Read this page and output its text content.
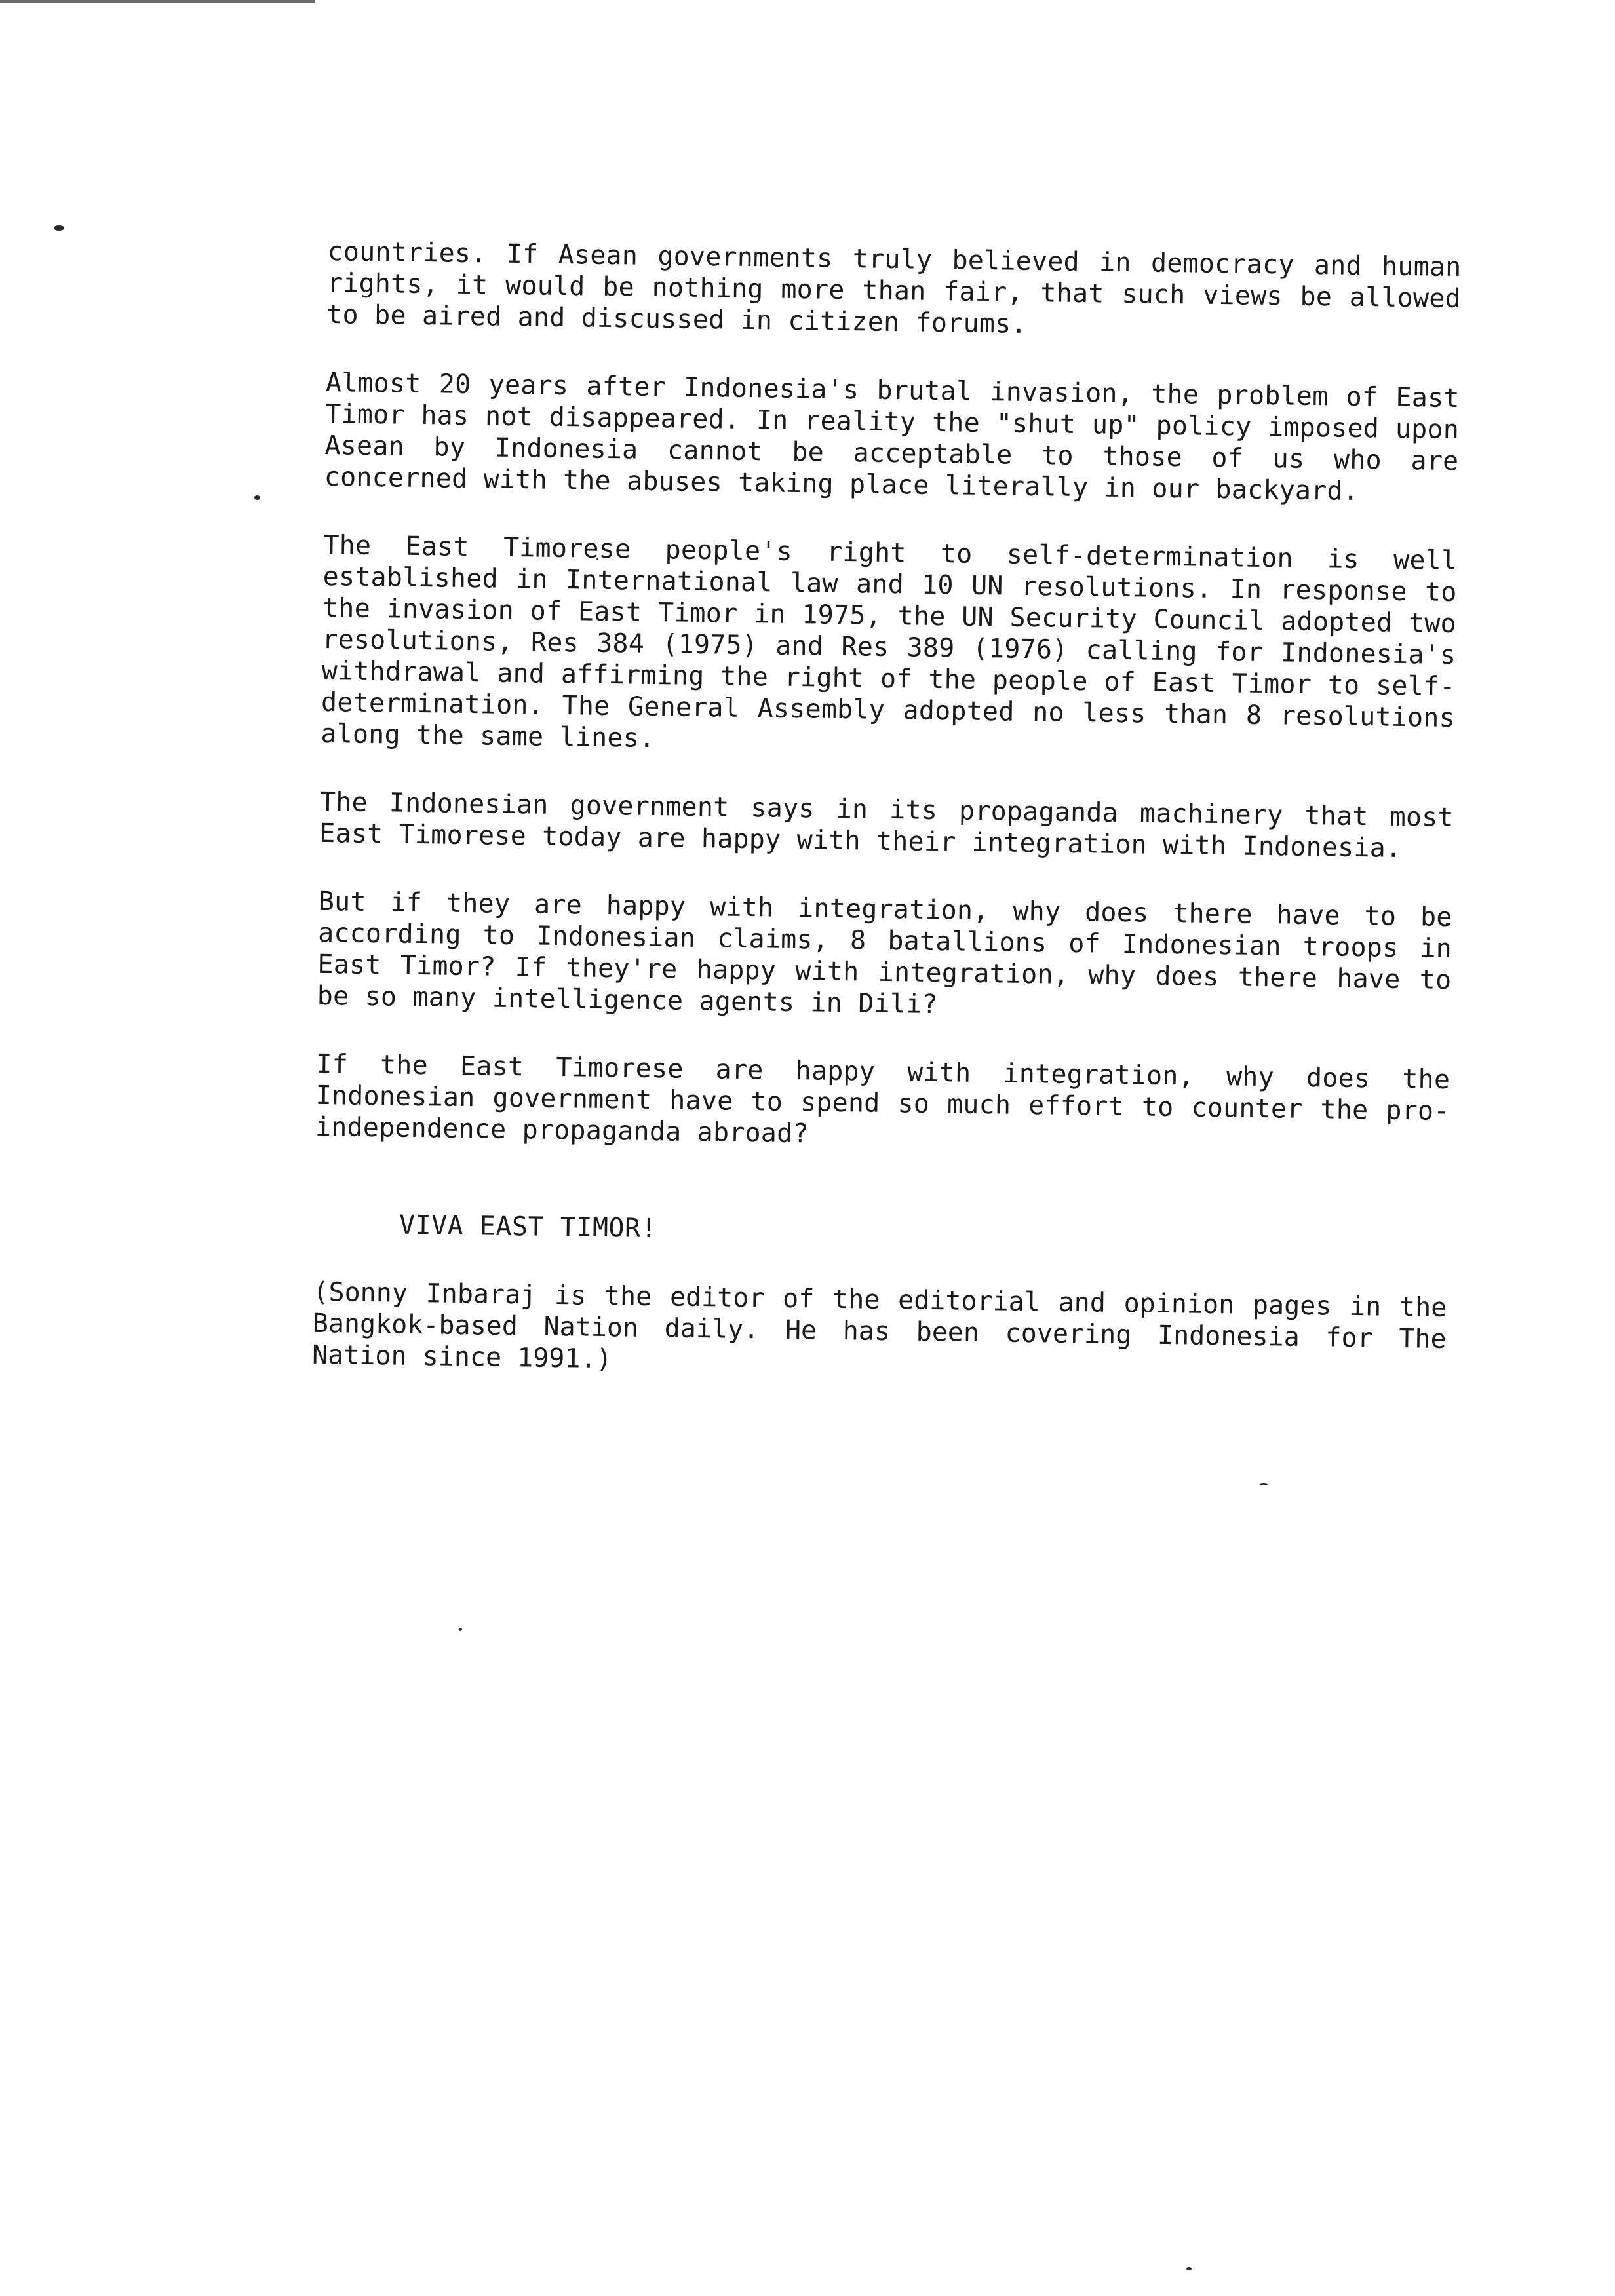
countries. If Asean governments truly believed in democracy and human rights, it would be nothing more than fair, that such views be allowed to be aired and discussed in citizen forums.

Almost 20 years after Indonesia's brutal invasion, the problem of East Timor has not disappeared. In reality the "shut up" policy imposed upon Asean by Indonesia cannot be acceptable to those of us who are concerned with the abuses taking place literally in our backyard.

The East Timorese people's right to self-determination is well established in International law and 10 UN resolutions. In response to the invasion of East Timor in 1975, the UN Security Council adopted two resolutions, Res 384 (1975) and Res 389 (1976) calling for Indonesia's withdrawal and affirming the right of the people of East Timor to self-determination. The General Assembly adopted no less than 8 resolutions along the same lines.

The Indonesian government says in its propaganda machinery that most East Timorese today are happy with their integration with Indonesia.

But if they are happy with integration, why does there have to be according to Indonesian claims, 8 batallions of Indonesian troops in East Timor? If they're happy with integration, why does there have to be so many intelligence agents in Dili?

If the East Timorese are happy with integration, why does the Indonesian government have to spend so much effort to counter the pro-independence propaganda abroad?

VIVA EAST TIMOR!

(Sonny Inbaraj is the editor of the editorial and opinion pages in the Bangkok-based Nation daily. He has been covering Indonesia for The Nation since 1991.)
